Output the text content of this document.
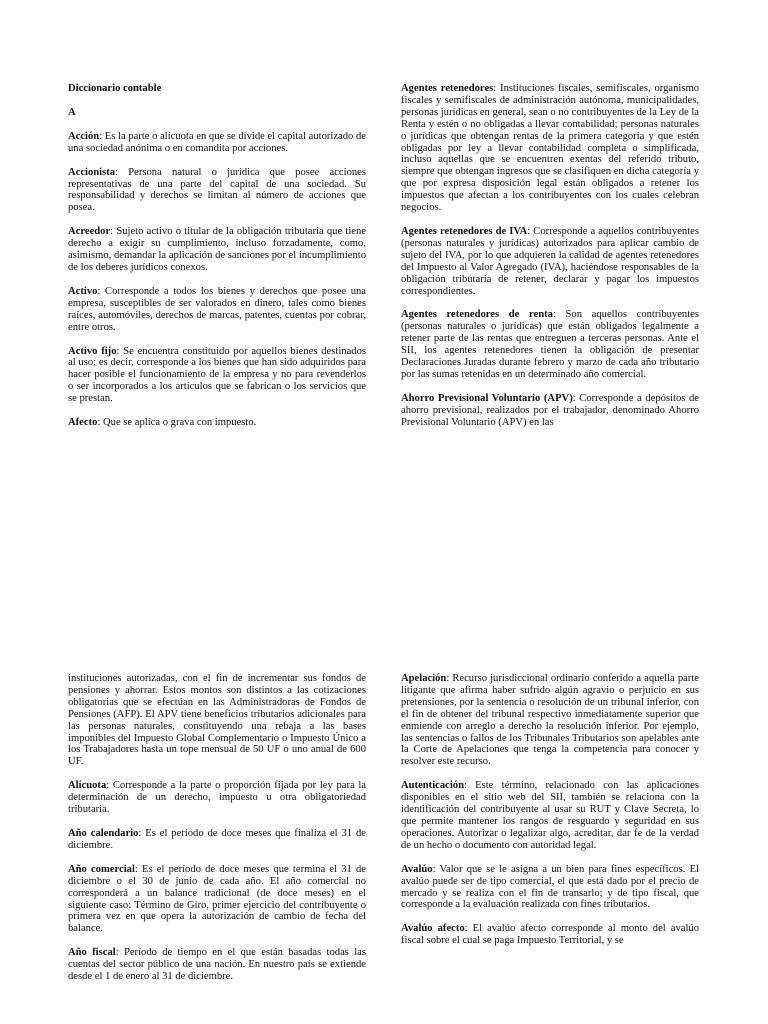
Diccionario contable

A

Acción: Es la parte o alícuota en que se divide el capital autorizado de una sociedad anónima o en comandita por acciones.

Accionista: Persona natural o jurídica que posee acciones representativas de una parte del capital de una sociedad. Su responsabilidad y derechos se limitan al número de acciones que posea.

Acreedor: Sujeto activo o titular de la obligación tributaria que tiene derecho a exigir su cumplimiento, incluso forzadamente, como, asimismo, demandar la aplicación de sanciones por el incumplimiento de los deberes jurídicos conexos.

Activo: Corresponde a todos los bienes y derechos que posee una empresa, susceptibles de ser valorados en dinero, tales como bienes raíces, automóviles, derechos de marcas, patentes, cuentas por cobrar, entre otros.

Activo fijo: Se encuentra constituido por aquellos bienes destinados al uso; es decir, corresponde a los bienes que han sido adquiridos para hacer posible el funcionamiento de la empresa y no para revenderlos o ser incorporados a los artículos que se fabrican o los servicios que se prestan.

Afecto: Que se aplica o grava con impuesto.

Agentes retenedores: Instituciones fiscales, semifiscales, organismo fiscales y semifiscales de administración autónoma, municipalidades, personas jurídicas en general, sean o no contribuyentes de la Ley de la Renta y estén o no obligadas a llevar contabilidad; personas naturales o jurídicas que obtengan rentas de la primera categoría y que estén obligadas por ley a llevar contabilidad completa o simplificada, incluso aquellas que se encuentren exentas del referido tributo, siempre que obtengan ingresos que se clasifiquen en dicha categoría y que por expresa disposición legal están obligados a retener los impuestos que afectan a los contribuyentes con los cuales celebran negocios.

Agentes retenedores de IVA: Corresponde a aquellos contribuyentes (personas naturales y jurídicas) autorizados para aplicar cambio de sujeto del IVA, por lo que adquieren la calidad de agentes retenedores del Impuesto al Valor Agregado (IVA), haciéndose responsables de la obligación tributaria de retener, declarar y pagar los impuestos correspondientes.

Agentes retenedores de renta: Son aquellos contribuyentes (personas naturales o jurídicas) que están obligados legalmente a retener parte de las rentas que entreguen a terceras personas. Ante el SII, los agentes retenedores tienen la obligación de presentar Declaraciones Juradas durante febrero y marzo de cada año tributario por las sumas retenidas en un determinado año comercial.

Ahorro Previsional Voluntario (APV): Corresponde a depósitos de ahorro previsional, realizados por el trabajador, denominado Ahorro Previsional Voluntario (APV) en las

instituciones autorizadas, con el fin de incrementar sus fondos de pensiones y ahorrar. Estos montos son distintos a las cotizaciones obligatorias que se efectúan en las Administradoras de Fondos de Pensiones (AFP). El APV tiene beneficios tributarios adicionales para las personas naturales, constituyendo una rebaja a las bases imponibles del Impuesto Global Complementario o Impuesto Único a los Trabajadores hasta un tope mensual de 50 UF o uno anual de 600 UF.

Alícuota: Corresponde a la parte o proporción fijada por ley para la determinación de un derecho, impuesto u otra obligatoriedad tributaria.

Año calendario: Es el período de doce meses que finaliza el 31 de diciembre.

Año comercial: Es el período de doce meses que termina el 31 de diciembre o el 30 de junio de cada año. El año comercial no corresponderá a un balance tradicional (de doce meses) en el siguiente caso: Término de Giro, primer ejercicio del contribuyente o primera vez en que opera la autorización de cambio de fecha del balance.

Año fiscal: Período de tiempo en el que están basadas todas las cuentas del sector público de una nación. En nuestro país se extiende desde el 1 de enero al 31 de diciembre.

Apelación: Recurso jurisdiccional ordinario conferido a aquella parte litigante que afirma haber sufrido algún agravio o perjuicio en sus pretensiones, por la sentencia o resolución de un tribunal inferior, con el fin de obtener del tribunal respectivo inmediatamente superior que enmiende con arreglo a derecho la resolución inferior. Por ejemplo, las sentencias o fallos de los Tribunales Tributarios son apelables ante la Corte de Apelaciones que tenga la competencia para conocer y resolver este recurso.

Autenticación: Este término, relacionado con las aplicaciones disponibles en el sitio web del SII, también se relaciona con la identificación del contribuyente al usar su RUT y Clave Secreta, lo que permite mantener los rangos de resguardo y seguridad en sus operaciones. Autorizar o legalizar algo, acreditar, dar fe de la verdad de un hecho o documento con autoridad legal.

Avalúo: Valor que se le asigna a un bien para fines específicos. El avalúo puede ser de tipo comercial, el que está dado por el precio de mercado y se realiza con el fin de transarlo; y de tipo fiscal, que corresponde a la evaluación realizada con fines tributarios.

Avalúo afecto: El avalúo afecto corresponde al monto del avalúo fiscal sobre el cual se paga Impuesto Territorial, y se
